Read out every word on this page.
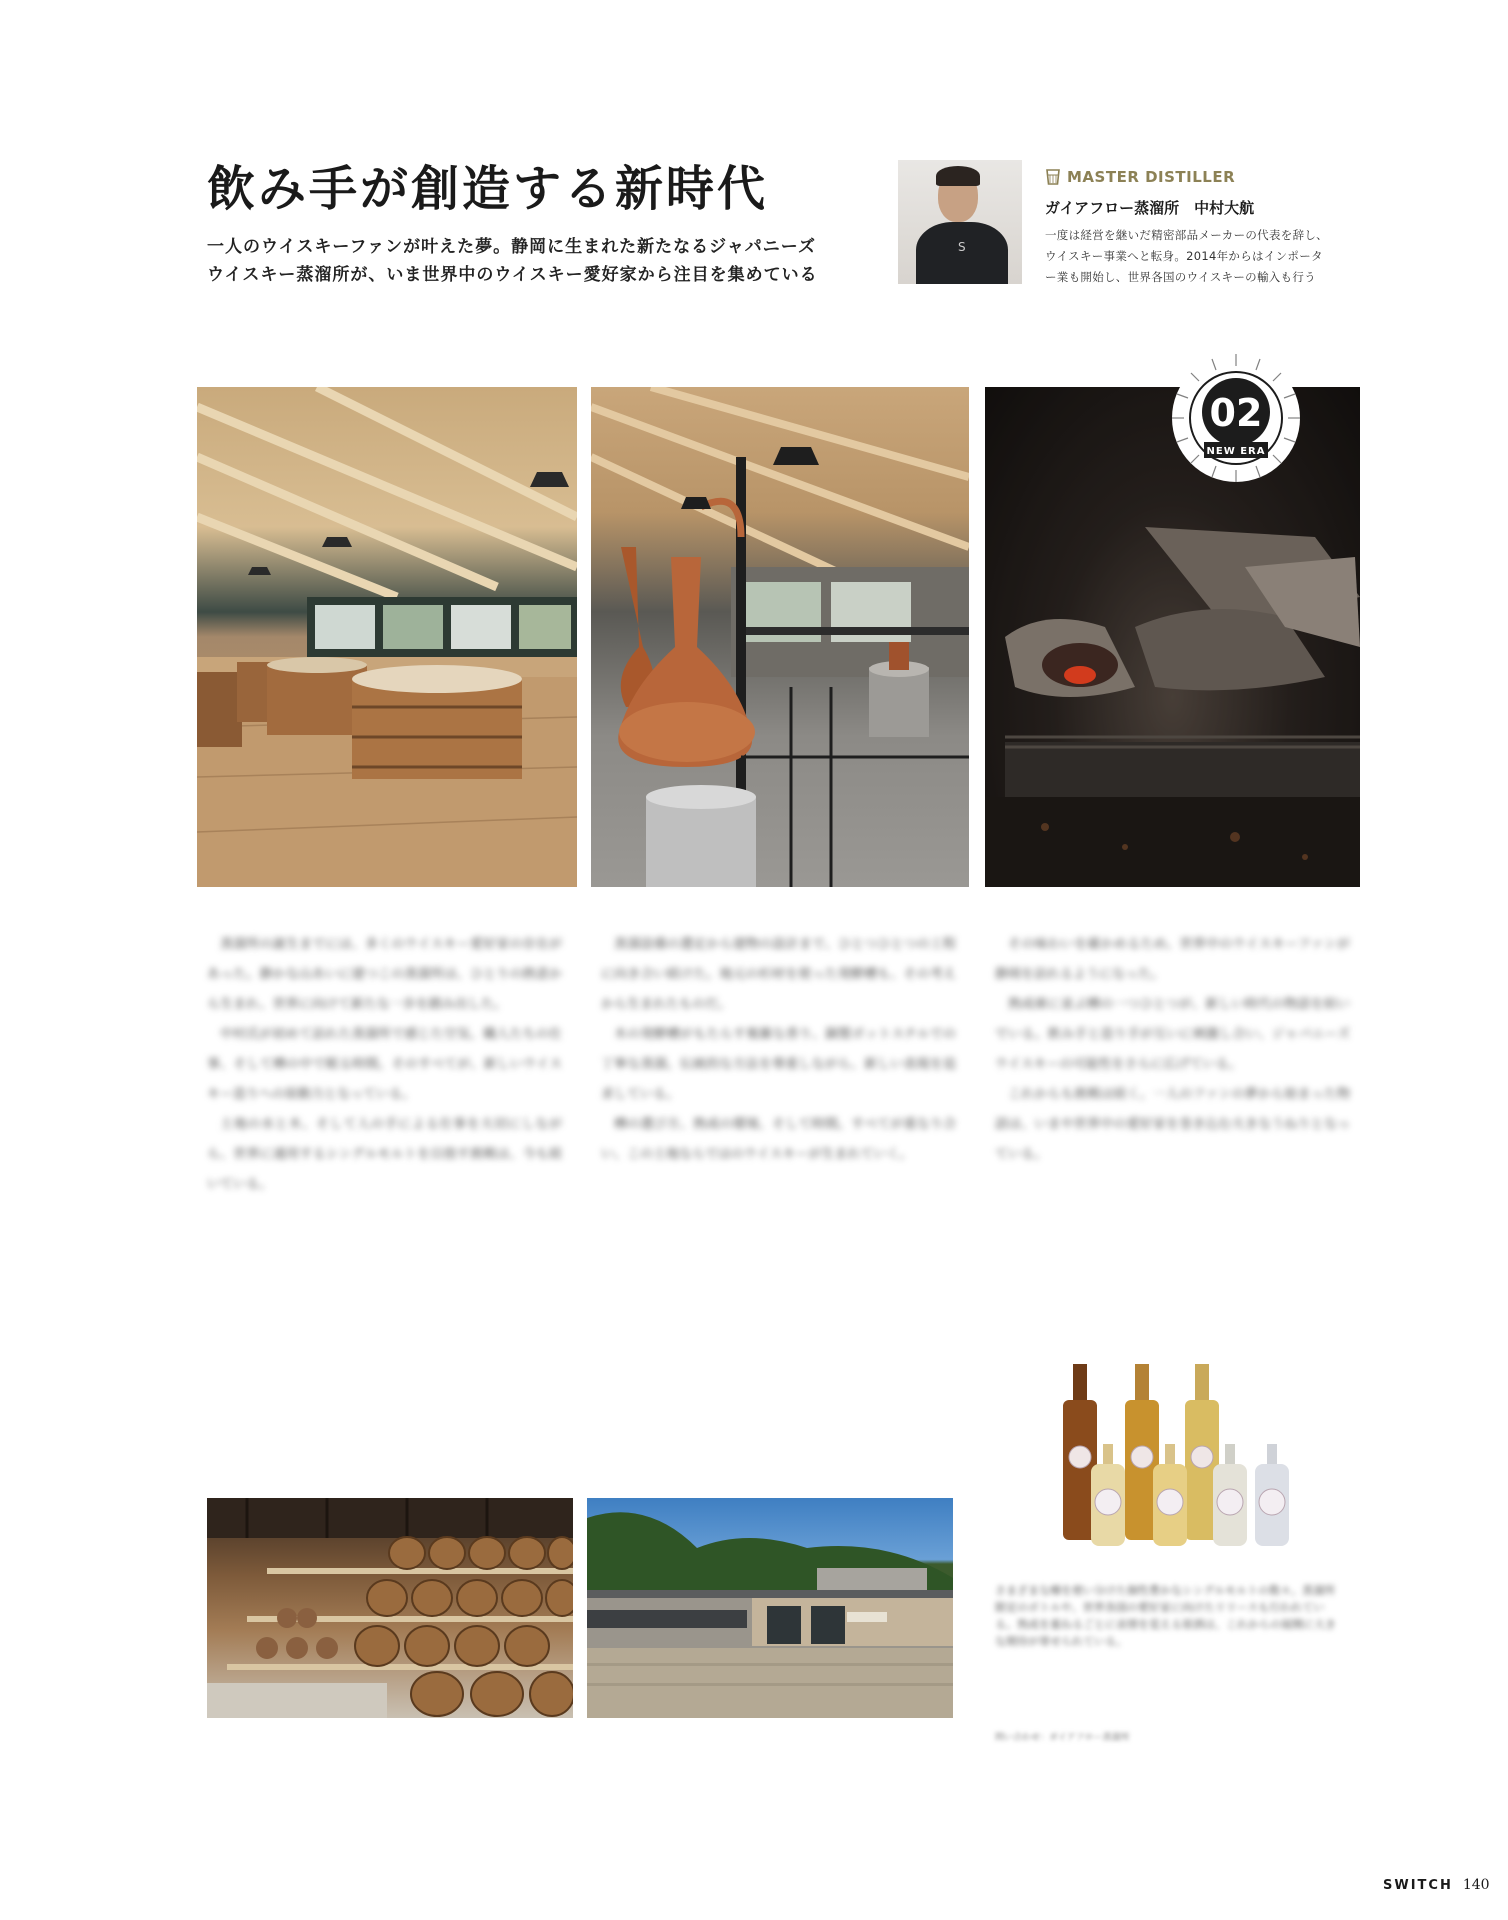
飲み手が創造する新時代
一人のウイスキーファンが叶えた夢。静岡に生まれた新たなるジャパニーズ
ウイスキー蒸溜所が、いま世界中のウイスキー愛好家から注目を集めている
S
MASTER DISTILLER
ガイアフロー蒸溜所　中村大航
一度は経営を継いだ精密部品メーカーの代表を辞し、
ウイスキー事業へと転身。2014年からはインポータ
ー業も開始し、世界各国のウイスキーの輸入も行う
02
NEW ERA

蒸溜所の誕生までには、多くのウイスキー愛好家の存在があった。静かな山あいに建つこの蒸溜所は、ひとりの熱意から生まれ、世界に向けて新たな一歩を踏み出した。

中村氏が初めて訪れた蒸溜所で感じた空気、職人たちの仕事、そして樽の中で眠る時間。そのすべてが、新しいウイスキー造りへの原動力となっている。

土地の水と木、そして人の手による仕事を大切にしながら、世界に通用するシングルモルトを目指す挑戦は、今も続いている。

蒸溜設備の選定から建物の設計まで、ひとつひとつの工程に向き合い続けた。地元の杉材を使った発酵槽も、その考えから生まれたものだ。

木の発酵槽がもたらす複雑な香り、銅製ポットスチルでの丁寧な蒸溜。伝統的な方法を尊重しながら、新しい表現を追求している。

樽の選び方、熟成の環境、そして時間。すべてが重なり合い、この土地ならではのウイスキーが生まれていく。

その味わいを確かめるため、世界中のウイスキーファンが静岡を訪れるようになった。

熟成庫に並ぶ樽の一つひとつが、新しい時代の物語を紡いでいる。飲み手と造り手が互いに刺激し合い、ジャパニーズウイスキーの可能性をさらに広げている。

これからも挑戦は続く。一人のファンの夢から始まった物語は、いまや世界中の愛好家を巻き込む大きなうねりとなっている。

さまざまな樽を使い分けた個性豊かなシングルモルトの数々。蒸溜所限定のボトルや、世界各国の愛好家に向けたリリースも行われている。熟成を重ねるごとに表情を変える原酒は、これからの展開に大きな期待が寄せられている。
問い合わせ：ガイアフロー蒸溜所
SWITCH 140
